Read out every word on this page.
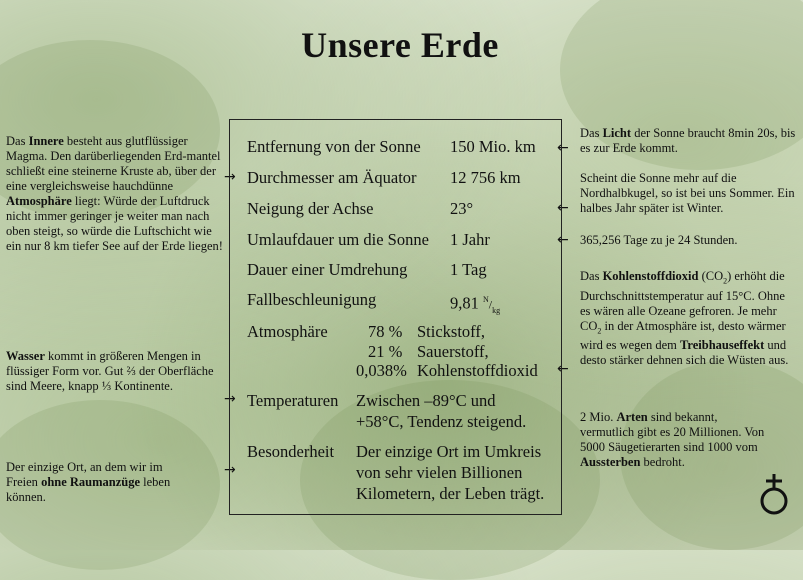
Unsere Erde
Das Innere besteht aus glutflüssiger Magma. Den darüberliegenden Erd-mantel schließt eine steinerne Kruste ab, über der eine vergleichsweise hauchdünne Atmosphäre liegt: Würde der Luftdruck nicht immer geringer je weiter man nach oben steigt, so würde die Luftschicht wie ein nur 8 km tiefer See auf der Erde liegen!
Wasser kommt in größeren Mengen in flüssiger Form vor. Gut ⅔ der Oberfläche sind Meere, knapp ⅓ Kontinente.
Der einzige Ort, an dem wir im Freien ohne Raumanzüge leben können.
Das Licht der Sonne braucht 8min 20s, bis es zur Erde kommt.
Scheint die Sonne mehr auf die Nordhalbkugel, so ist bei uns Sommer. Ein halbes Jahr später ist Winter.
365,256 Tage zu je 24 Stunden.
Das Kohlenstoffdioxid $(CO_2)$ erhöht die Durchschnittstemperatur auf 15°C. Ohne es wären alle Ozeane gefroren. Je mehr $CO_2$ in der Atmosphäre ist, desto wärmer wird es wegen dem Treibhauseffekt und desto stärker dehnen sich die Wüsten aus.
2 Mio. Arten sind bekannt, vermutlich gibt es 20 Millionen. Von 5000 Säugetierarten sind 1000 vom Aussterben bedroht.
→
→
→
←
←
←
←
Entfernung von der Sonne 150 Mio. km
Durchmesser am Äquator 12 756 km
Neigung der Achse	23°
Umlaufdauer um die Sonne 1 Jahr
Dauer einer Umdrehung	1 Tag
Fallbeschleunigung	9,81 $^N/_{kg}$
Atmosphäre 78 % Stickstoff,
21 % Sauerstoff,
0,038% Kohlenstoffdioxid
Temperaturen Zwischen –89°C und
+58°C, Tendenz steigend.
Besonderheit Der einzige Ort im Umkreis
von sehr vielen Billionen
Kilometern, der Leben trägt.
